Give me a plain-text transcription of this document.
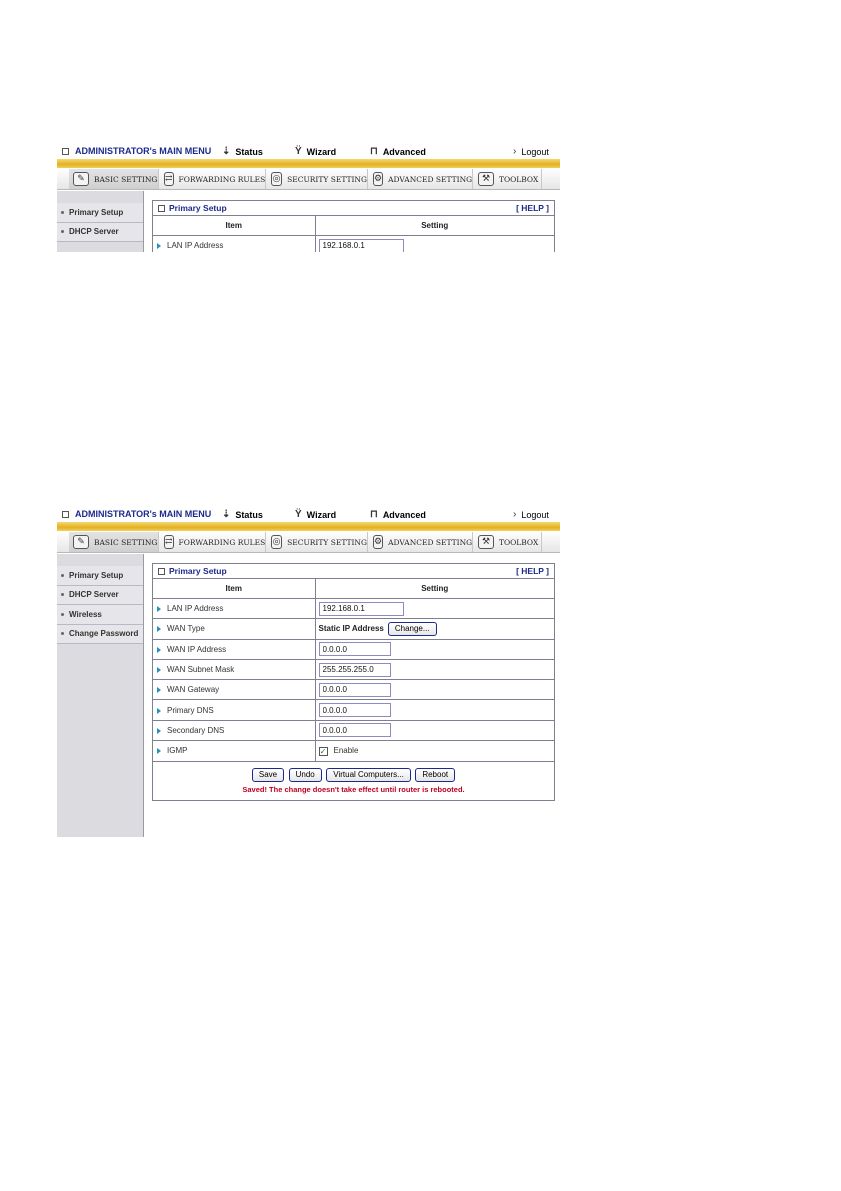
ADMINISTRATOR's MAIN MENU ⇣ Status	Ÿ Wizard	⊓ Advanced	› Logout
✎	BASIC SETTING ⇄ FORWARDING RULES ◎ SECURITY SETTING ⚙ ADVANCED SETTING	⚒	TOOLBOX
Primary Setup
DHCP Server
Primary Setup	[ HELP ]
Item	Setting
LAN IP Address	192.168.0.1
ADMINISTRATOR's MAIN MENU ⇣ Status	Ÿ Wizard	⊓ Advanced	› Logout
✎	BASIC SETTING ⇄ FORWARDING RULES ◎ SECURITY SETTING ⚙ ADVANCED SETTING	⚒	TOOLBOX
Primary Setup
DHCP Server
Wireless
Change Password
Primary Setup	[ HELP ]
Item	Setting
LAN IP Address	192.168.0.1
WAN Type	Static IP Address Change...
WAN IP Address	0.0.0.0
WAN Subnet Mask	255.255.255.0
WAN Gateway	0.0.0.0
Primary DNS	0.0.0.0
Secondary DNS	0.0.0.0
IGMP	✓ Enable
Save Undo Virtual Computers... Reboot
Saved! The change doesn't take effect until router is rebooted.
